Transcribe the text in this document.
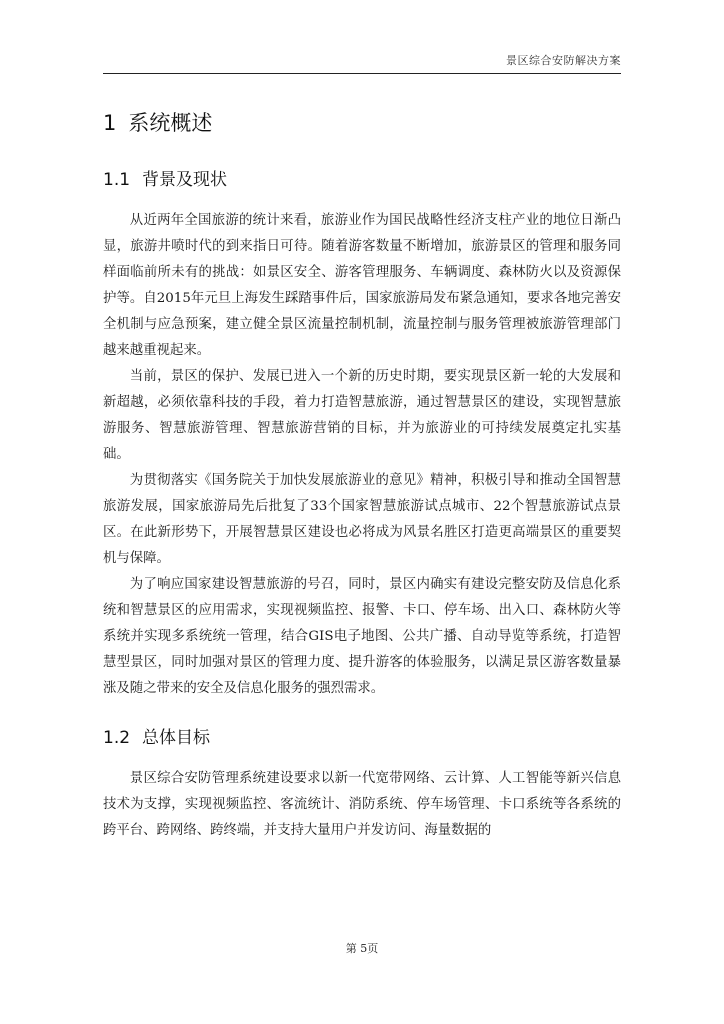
景区综合安防解决方案
1 系统概述
1.1 背景及现状

从近两年全国旅游的统计来看，旅游业作为国民战略性经济支柱产业的地位日渐凸显，旅游井喷时代的到来指日可待。随着游客数量不断增加，旅游景区的管理和服务同样面临前所未有的挑战：如景区安全、游客管理服务、车辆调度、森林防火以及资源保护等。自2015年元旦上海发生踩踏事件后，国家旅游局发布紧急通知，要求各地完善安全机制与应急预案，建立健全景区流量控制机制，流量控制与服务管理被旅游管理部门越来越重视起来。

当前，景区的保护、发展已进入一个新的历史时期，要实现景区新一轮的大发展和新超越，必须依靠科技的手段，着力打造智慧旅游，通过智慧景区的建设，实现智慧旅游服务、智慧旅游管理、智慧旅游营销的目标，并为旅游业的可持续发展奠定扎实基础。

为贯彻落实《国务院关于加快发展旅游业的意见》精神，积极引导和推动全国智慧旅游发展，国家旅游局先后批复了33个国家智慧旅游试点城市、22个智慧旅游试点景区。在此新形势下，开展智慧景区建设也必将成为风景名胜区打造更高端景区的重要契机与保障。

为了响应国家建设智慧旅游的号召，同时，景区内确实有建设完整安防及信息化系统和智慧景区的应用需求，实现视频监控、报警、卡口、停车场、出入口、森林防火等系统并实现多系统统一管理，结合GIS电子地图、公共广播、自动导览等系统，打造智慧型景区，同时加强对景区的管理力度、提升游客的体验服务，以满足景区游客数量暴涨及随之带来的安全及信息化服务的强烈需求。

1.2 总体目标

景区综合安防管理系统建设要求以新一代宽带网络、云计算、人工智能等新兴信息技术为支撑，实现视频监控、客流统计、消防系统、停车场管理、卡口系统等各系统的跨平台、跨网络、跨终端，并支持大量用户并发访问、海量数据的

第 5页
